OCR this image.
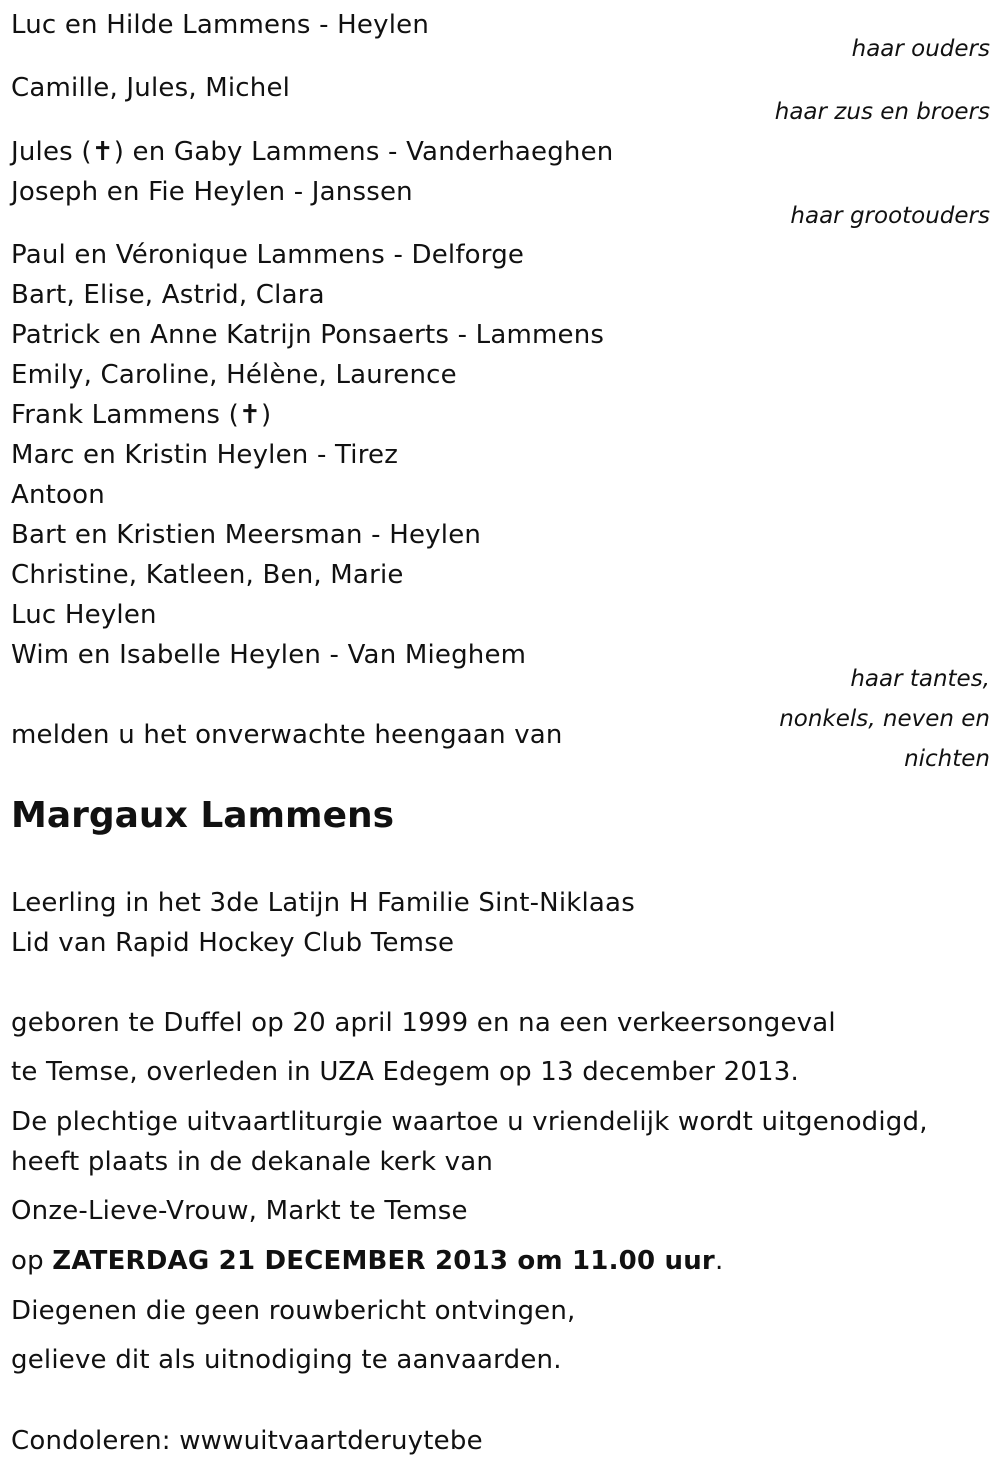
Luc en Hilde Lammens - Heylen
haar ouders
Camille, Jules, Michel
haar zus en broers
Jules (✝) en Gaby Lammens - Vanderhaeghen
Joseph en Fie Heylen - Janssen
haar grootouders
Paul en Véronique Lammens - Delforge
Bart, Elise, Astrid, Clara
Patrick en Anne Katrijn Ponsaerts - Lammens
Emily, Caroline, Hélène, Laurence
Frank Lammens (✝)
Marc en Kristin Heylen - Tirez
Antoon
Bart en Kristien Meersman - Heylen
Christine, Katleen, Ben, Marie
Luc Heylen
Wim en Isabelle Heylen - Van Mieghem
haar tantes,
nonkels, neven en
nichten
melden u het onverwachte heengaan van
Margaux Lammens
Leerling in het 3de Latijn H Familie Sint-Niklaas
Lid van Rapid Hockey Club Temse
geboren te Duffel op 20 april 1999 en na een verkeersongeval
te Temse, overleden in UZA Edegem op 13 december 2013.
De plechtige uitvaartliturgie waartoe u vriendelijk wordt uitgenodigd,
heeft plaats in de dekanale kerk van
Onze-Lieve-Vrouw, Markt te Temse
op ZATERDAG 21 DECEMBER 2013 om 11.00 uur.
Diegenen die geen rouwbericht ontvingen,
gelieve dit als uitnodiging te aanvaarden.
Condoleren: wwwuitvaartderuytebe
